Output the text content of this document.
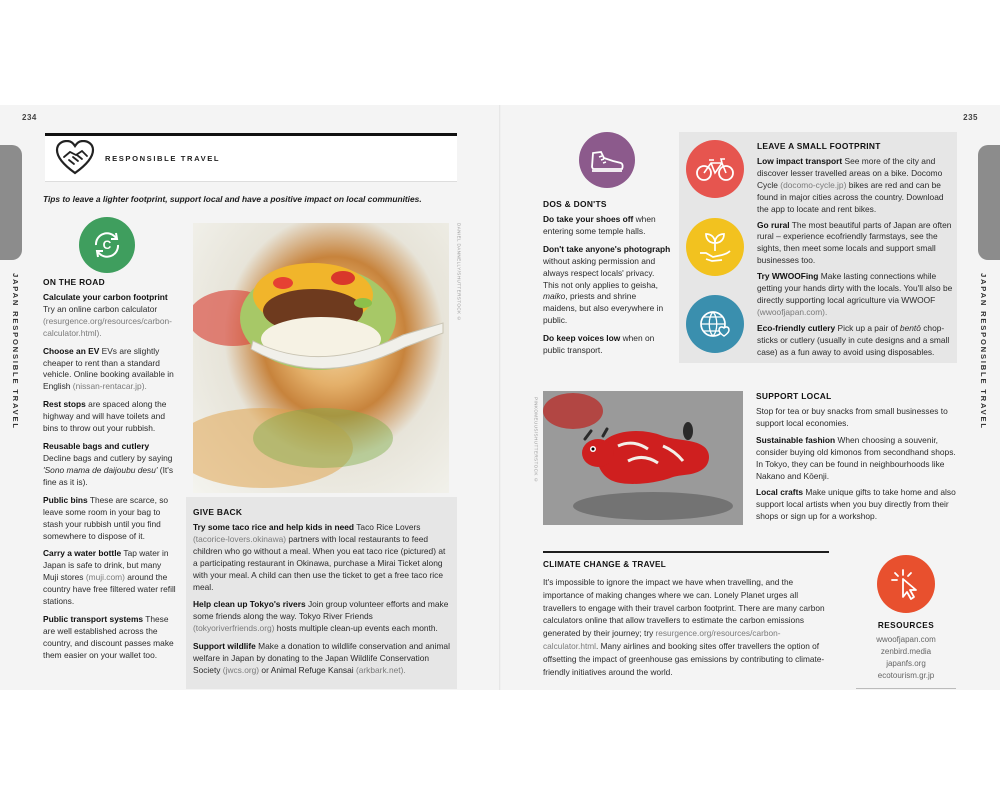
234
JAPAN RESPONSIBLE TRAVEL
RESPONSIBLE TRAVEL
Tips to leave a lighter footprint, support local and have a positive impact on local communities.
C
ON THE ROAD

Calculate your carbon footprint
Try an online carbon calculator (resurgence.org/resources/carbon-calculator.html).

Choose an EV EVs are slightly cheaper to rent than a standard vehicle. Online booking available in English (nissan-rentacar.jp).

Rest stops are spaced along the highway and will have toilets and bins to throw out your rubbish.

Reusable bags and cutlery
Decline bags and cutlery by saying 'Sono mama de daijoubu desu' (It's fine as it is).

Public bins These are scarce, so leave some room in your bag to stash your rubbish until you find somewhere to dispose of it.

Carry a water bottle Tap water in Japan is safe to drink, but many Muji stores (muji.com) around the country have free filtered water refill stations.

Public transport systems These are well established across the country, and discount passes make them easier on your wallet too.

DANIEL DANNELLY/SHUTTERSTOCK ©
GIVE BACK

Try some taco rice and help kids in need Taco Rice Lovers (tacorice-lovers.okinawa) partners with local restaurants to feed children who go without a meal. When you eat taco rice (pictured) at a participating restaurant in Okinawa, purchase a Mirai Ticket along with your meal. A child can then use the ticket to get a free taco rice meal.

Help clean up Tokyo's rivers Join group volunteer efforts and make some friends along the way. Tokyo River Friends (tokyoriverfriends.org) hosts multiple clean-up events each month.

Support wildlife Make a donation to wildlife conservation and animal welfare in Japan by donating to the Japan Wildlife Conservation Society (jwcs.org) or Animal Refuge Kansai (arkbark.net).

235
JAPAN RESPONSIBLE TRAVEL
DOS & DON'TS

Do take your shoes off when entering some temple halls.

Don't take anyone's photograph without asking permission and always respect locals' privacy. This not only applies to geisha, maiko, priests and shrine maidens, but also everywhere in public.

Do keep voices low when on public transport.

LEAVE A SMALL FOOTPRINT

Low impact transport See more of the city and discover lesser travelled areas on a bike. Docomo Cycle (docomo-cycle.jp) bikes are red and can be found in major cities across the country. Download the app to locate and rent bikes.

Go rural The most beautiful parts of Japan are often rural – experience ecofriendly farmstays, see the sights, then meet some locals and support small businesses too.

Try WWOOFing Make lasting connections while getting your hands dirty with the locals. You'll also be directly supporting local agriculture via WWOOF (wwoofjapan.com).

Eco-friendly cutlery Pick up a pair of bentō chop-sticks or cutlery (usually in cute designs and a small case) as a fun away to avoid using disposables.

PINKOMEUUS/SHUTTERSTOCK ©
SUPPORT LOCAL

Stop for tea or buy snacks from small businesses to support local economies.

Sustainable fashion When choosing a souvenir, consider buying old kimonos from secondhand shops. In Tokyo, they can be found in neighbourhoods like Nakano and Kōenji.

Local crafts Make unique gifts to take home and also support local artists when you buy directly from their shops or sign up for a workshop.

CLIMATE CHANGE & TRAVEL
It's impossible to ignore the impact we have when travelling, and the importance of making changes where we can. Lonely Planet urges all travellers to engage with their travel carbon footprint. There are many carbon calculators online that allow travellers to estimate the carbon emissions generated by their journey; try resurgence.org/resources/carbon-calculator.html. Many airlines and booking sites offer travellers the option of offsetting the impact of greenhouse gas emissions by contributing to climate-friendly initiatives around the world.
RESOURCES
wwoofjapan.com
zenbird.media
japanfs.org
ecotourism.gr.jp
